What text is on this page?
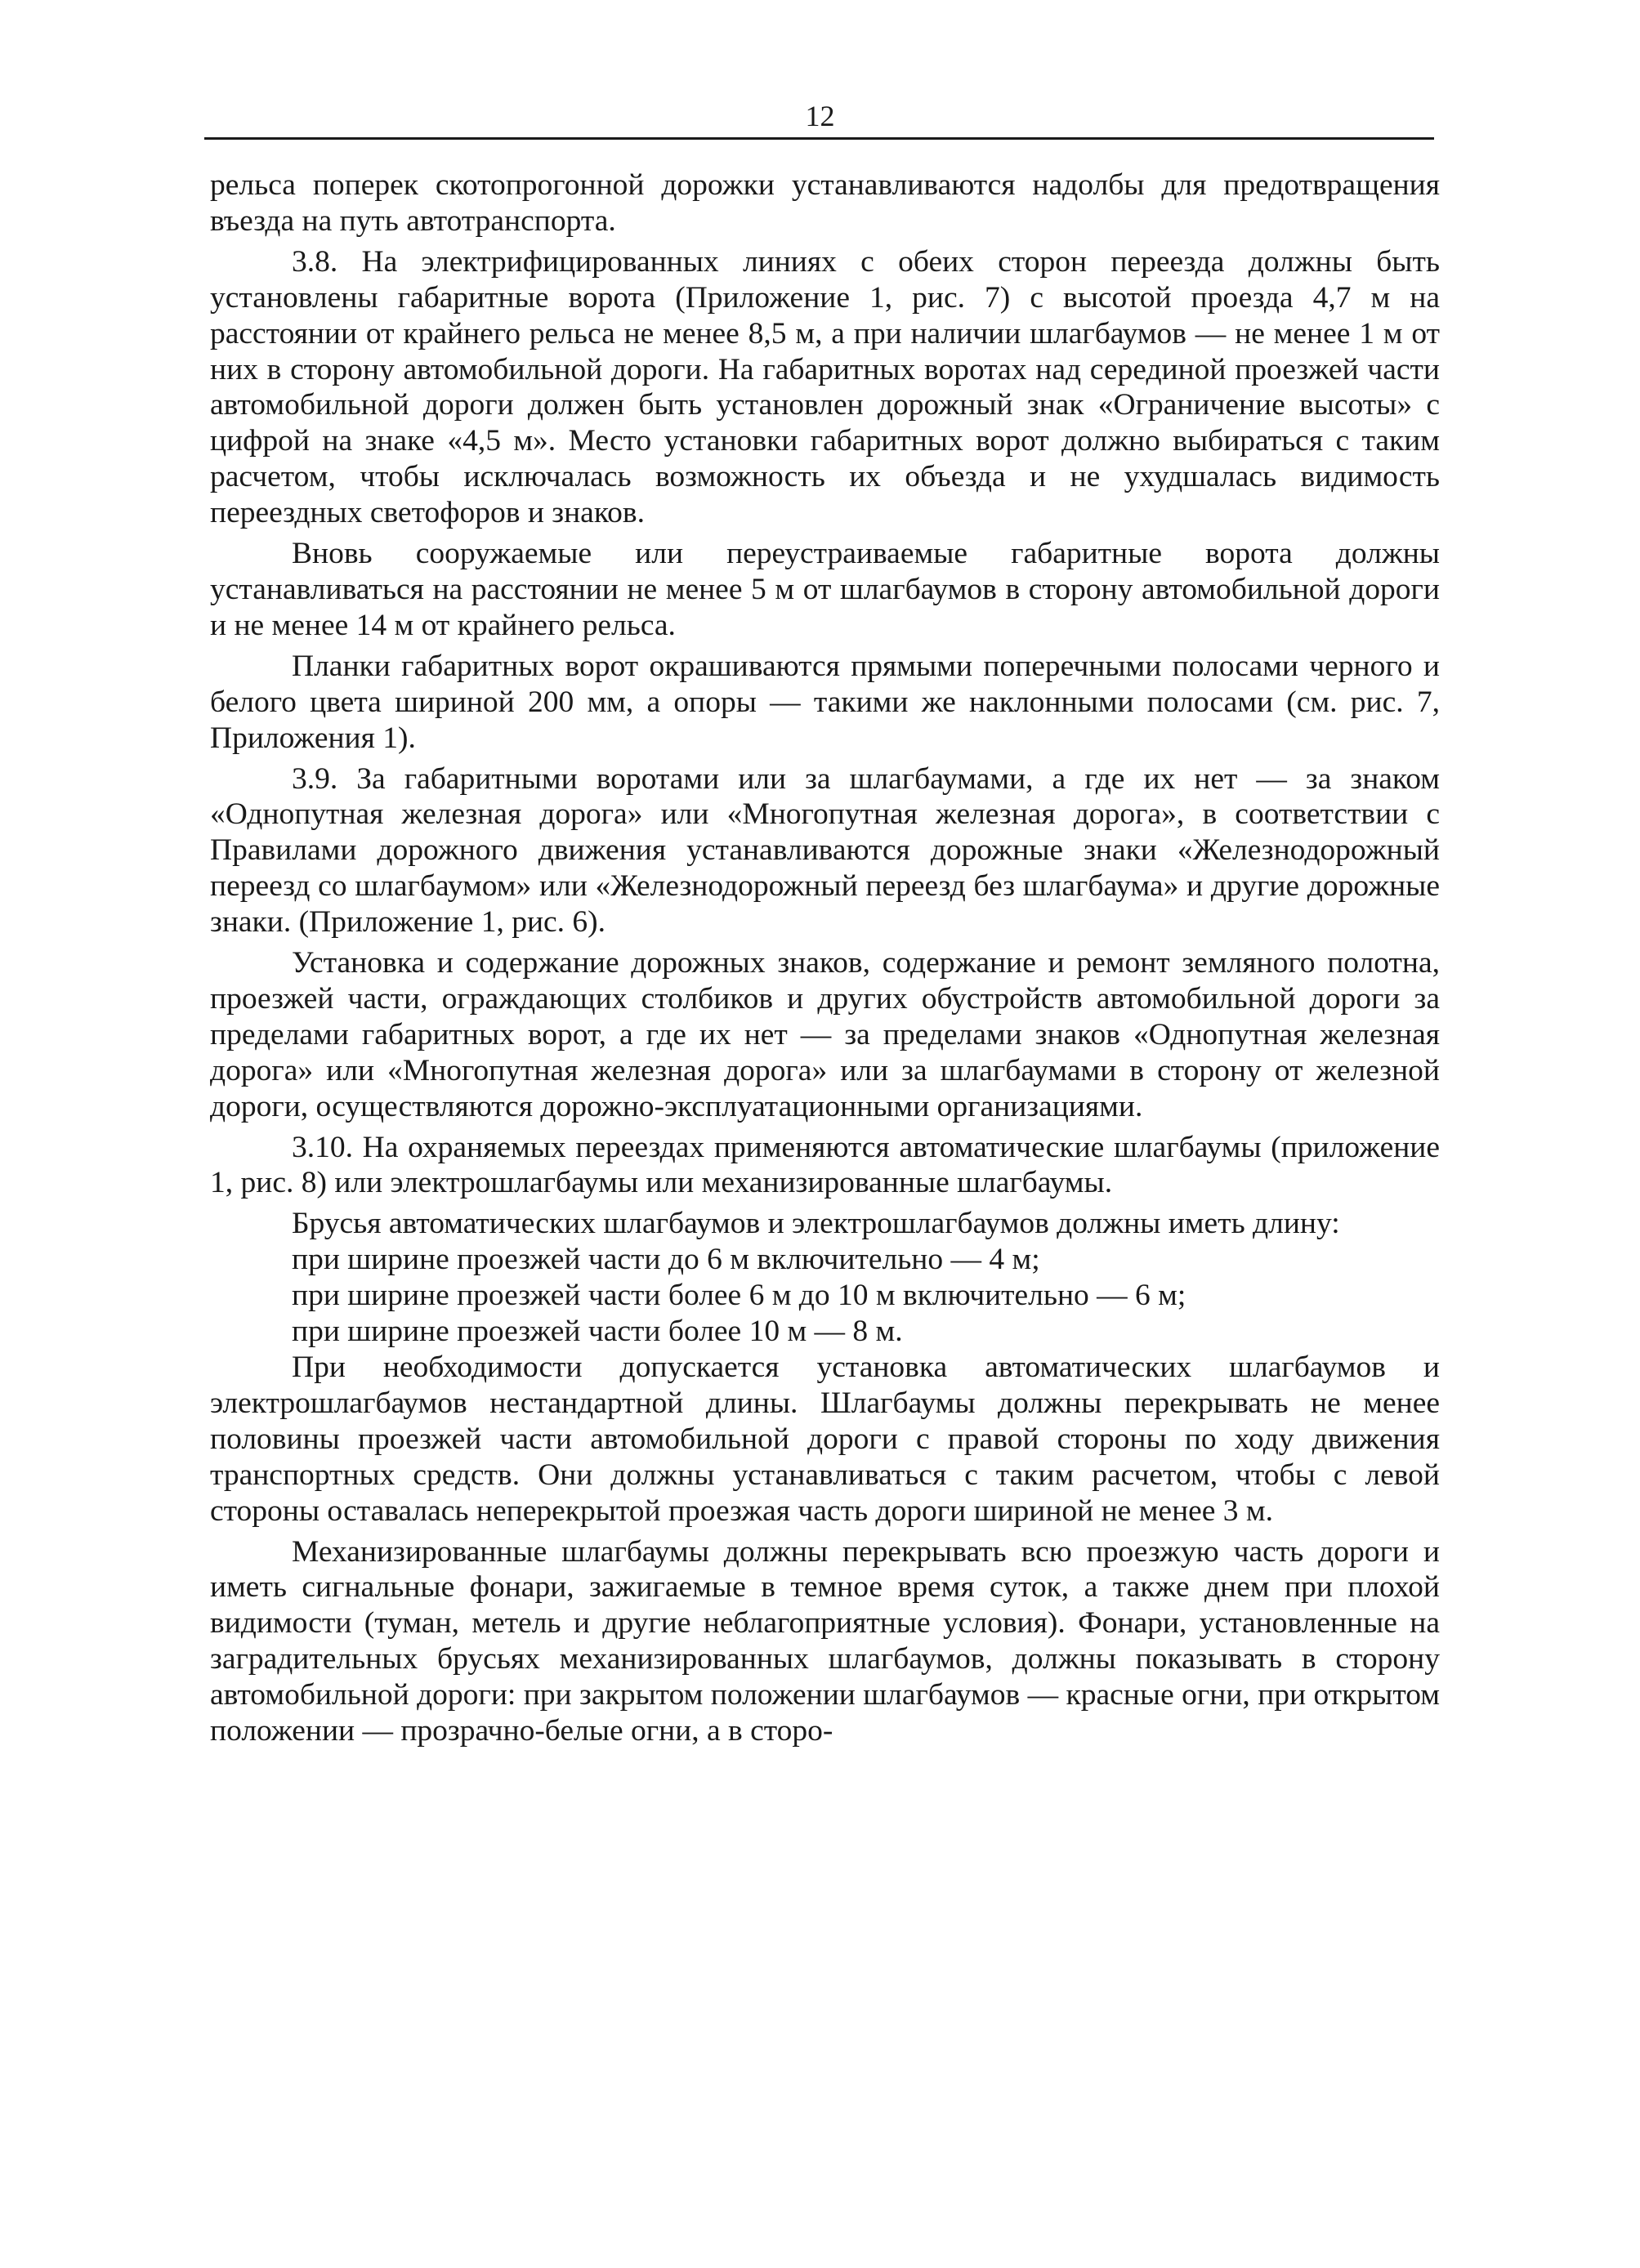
12

рельса поперек скотопрогонной дорожки устанавливаются надолбы для предотвращения въезда на путь автотранспорта.

3.8. На электрифицированных линиях с обеих сторон переезда должны быть установлены габаритные ворота (Приложение 1, рис. 7) с высотой проезда 4,7 м на расстоянии от крайнего рельса не менее 8,5 м, а при наличии шлагбаумов — не менее 1 м от них в сторону автомобильной дороги. На габаритных воротах над серединой проезжей части автомобильной дороги должен быть установлен дорожный знак «Ограничение высоты» с цифрой на знаке «4,5 м». Место установки габаритных ворот должно выбираться с таким расчетом, чтобы исключалась возможность их объезда и не ухудшалась видимость переездных светофоров и знаков.

Вновь сооружаемые или переустраиваемые габаритные ворота должны устанавливаться на расстоянии не менее 5 м от шлагбаумов в сторону автомобильной дороги и не менее 14 м от крайнего рельса.

Планки габаритных ворот окрашиваются прямыми поперечными полосами черного и белого цвета шириной 200 мм, а опоры — такими же наклонными полосами (см. рис. 7, Приложения 1).

3.9. За габаритными воротами или за шлагбаумами, а где их нет — за знаком «Однопутная железная дорога» или «Многопутная железная дорога», в соответствии с Правилами дорожного движения устанавливаются дорожные знаки «Железнодорожный переезд со шлагбаумом» или «Железнодорожный переезд без шлагбаума» и другие дорожные знаки. (Приложение 1, рис. 6).

Установка и содержание дорожных знаков, содержание и ремонт земляного полотна, проезжей части, ограждающих столбиков и других обустройств автомобильной дороги за пределами габаритных ворот, а где их нет — за пределами знаков «Однопутная железная дорога» или «Многопутная железная дорога» или за шлагбаумами в сторону от железной дороги, осуществляются дорожно-эксплуатационными организациями.

3.10. На охраняемых переездах применяются автоматические шлагбаумы (приложение 1, рис. 8) или электрошлагбаумы или механизированные шлагбаумы.

Брусья автоматических шлагбаумов и электрошлагбаумов должны иметь длину:

при ширине проезжей части до 6 м включительно — 4 м;

при ширине проезжей части более 6 м до 10 м включительно — 6 м;

при ширине проезжей части более 10 м — 8 м.

При необходимости допускается установка автоматических шлагбаумов и электрошлагбаумов нестандартной длины. Шлагбаумы должны перекрывать не менее половины проезжей части автомобильной дороги с правой стороны по ходу движения транспортных средств. Они должны устанавливаться с таким расчетом, чтобы с левой стороны оставалась неперекрытой проезжая часть дороги шириной не менее 3 м.

Механизированные шлагбаумы должны перекрывать всю проезжую часть дороги и иметь сигнальные фонари, зажигаемые в темное время суток, а также днем при плохой видимости (туман, метель и другие неблагоприятные условия). Фонари, установленные на заградительных брусьях механизированных шлагбаумов, должны показывать в сторону автомобильной дороги: при закрытом положении шлагбаумов — красные огни, при открытом положении — прозрачно-белые огни, а в сторо-
